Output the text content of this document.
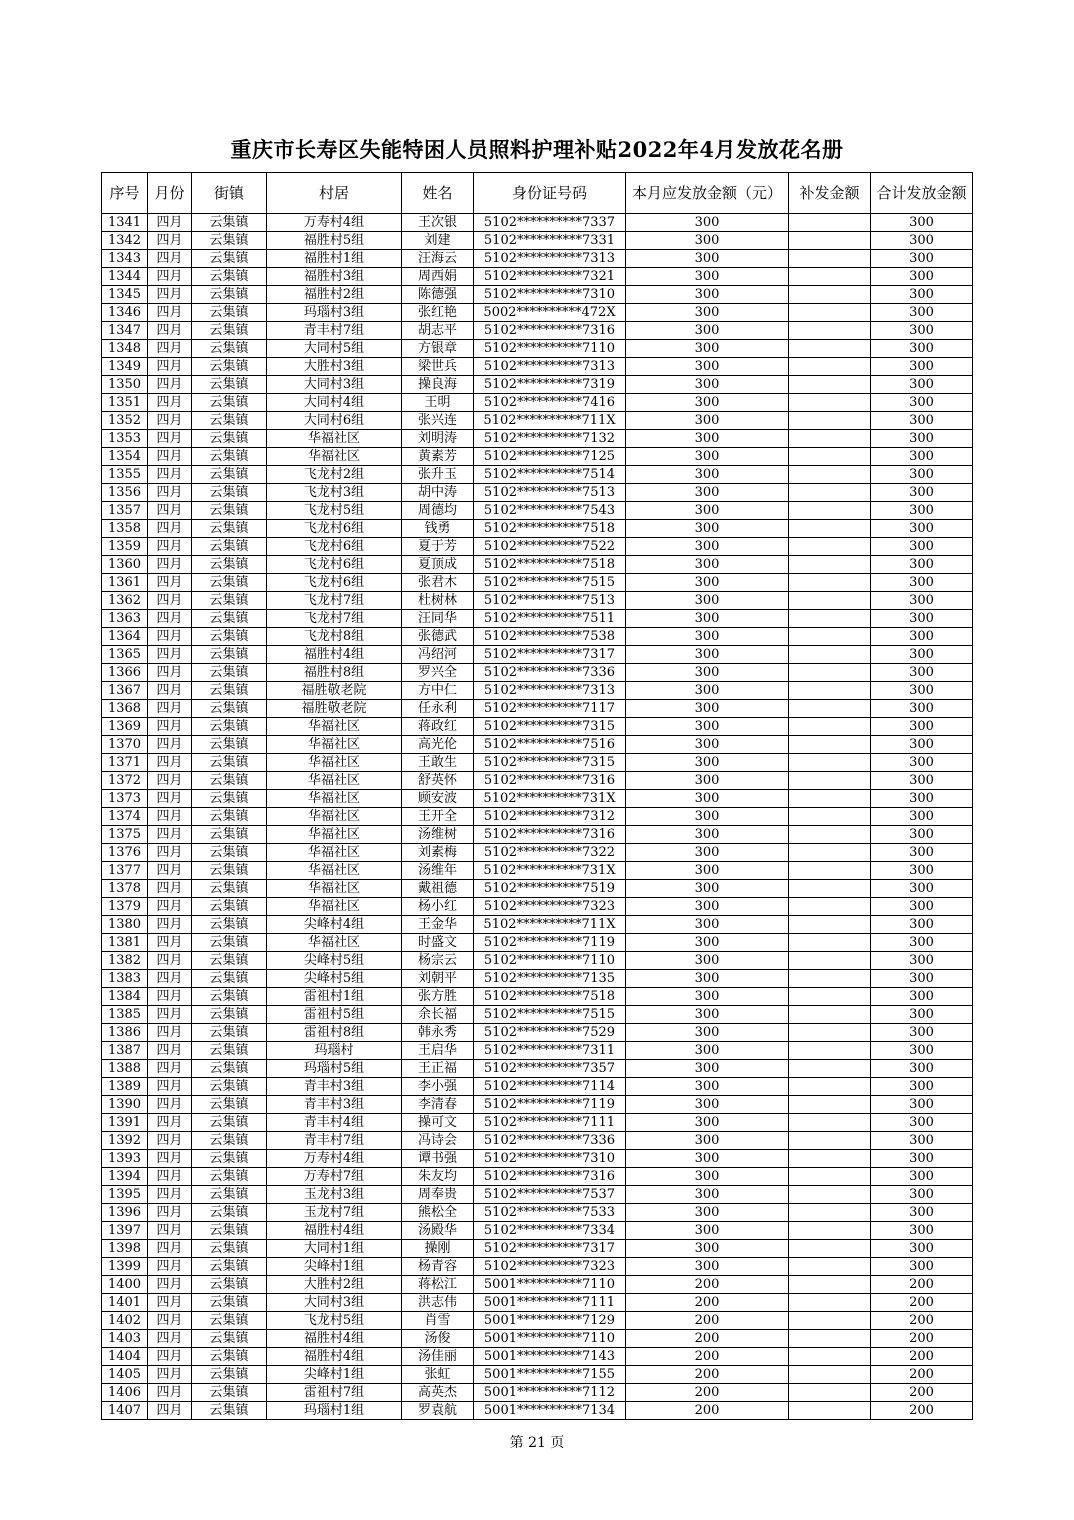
重庆市长寿区失能特困人员照料护理补贴2022年4月发放花名册
序号	月份	街镇	村居	姓名	身份证号码	本月应发放金额（元）	补发金额	合计发放金额
1341	四月	云集镇	万寿村4组	王次银	5102**********7337	300		300
1342	四月	云集镇	福胜村5组	刘建	5102**********7331	300		300
1343	四月	云集镇	福胜村1组	汪海云	5102**********7313	300		300
1344	四月	云集镇	福胜村3组	周西娟	5102**********7321	300		300
1345	四月	云集镇	福胜村2组	陈德强	5102**********7310	300		300
1346	四月	云集镇	玛瑙村3组	张红艳	5002**********472X	300		300
1347	四月	云集镇	青丰村7组	胡志平	5102**********7316	300		300
1348	四月	云集镇	大同村5组	方银章	5102**********7110	300		300
1349	四月	云集镇	大胜村3组	梁世兵	5102**********7313	300		300
1350	四月	云集镇	大同村3组	操良海	5102**********7319	300		300
1351	四月	云集镇	大同村4组	王明	5102**********7416	300		300
1352	四月	云集镇	大同村6组	张兴连	5102**********711X	300		300
1353	四月	云集镇	华福社区	刘明涛	5102**********7132	300		300
1354	四月	云集镇	华福社区	黄素芳	5102**********7125	300		300
1355	四月	云集镇	飞龙村2组	张升玉	5102**********7514	300		300
1356	四月	云集镇	飞龙村3组	胡中涛	5102**********7513	300		300
1357	四月	云集镇	飞龙村5组	周德均	5102**********7543	300		300
1358	四月	云集镇	飞龙村6组	钱勇	5102**********7518	300		300
1359	四月	云集镇	飞龙村6组	夏于芳	5102**********7522	300		300
1360	四月	云集镇	飞龙村6组	夏顶成	5102**********7518	300		300
1361	四月	云集镇	飞龙村6组	张君木	5102**********7515	300		300
1362	四月	云集镇	飞龙村7组	杜树林	5102**********7513	300		300
1363	四月	云集镇	飞龙村7组	汪同华	5102**********7511	300		300
1364	四月	云集镇	飞龙村8组	张德武	5102**********7538	300		300
1365	四月	云集镇	福胜村4组	冯绍河	5102**********7317	300		300
1366	四月	云集镇	福胜村8组	罗兴全	5102**********7336	300		300
1367	四月	云集镇	福胜敬老院	方中仁	5102**********7313	300		300
1368	四月	云集镇	福胜敬老院	任永利	5102**********7117	300		300
1369	四月	云集镇	华福社区	蒋政红	5102**********7315	300		300
1370	四月	云集镇	华福社区	高光伦	5102**********7516	300		300
1371	四月	云集镇	华福社区	王敢生	5102**********7315	300		300
1372	四月	云集镇	华福社区	舒英怀	5102**********7316	300		300
1373	四月	云集镇	华福社区	顾安波	5102**********731X	300		300
1374	四月	云集镇	华福社区	王开全	5102**********7312	300		300
1375	四月	云集镇	华福社区	汤维树	5102**********7316	300		300
1376	四月	云集镇	华福社区	刘素梅	5102**********7322	300		300
1377	四月	云集镇	华福社区	汤维年	5102**********731X	300		300
1378	四月	云集镇	华福社区	戴祖德	5102**********7519	300		300
1379	四月	云集镇	华福社区	杨小红	5102**********7323	300		300
1380	四月	云集镇	尖峰村4组	王金华	5102**********711X	300		300
1381	四月	云集镇	华福社区	时盛文	5102**********7119	300		300
1382	四月	云集镇	尖峰村5组	杨宗云	5102**********7110	300		300
1383	四月	云集镇	尖峰村5组	刘朝平	5102**********7135	300		300
1384	四月	云集镇	雷祖村1组	张方胜	5102**********7518	300		300
1385	四月	云集镇	雷祖村5组	余长福	5102**********7515	300		300
1386	四月	云集镇	雷祖村8组	韩永秀	5102**********7529	300		300
1387	四月	云集镇	玛瑙村	王启华	5102**********7311	300		300
1388	四月	云集镇	玛瑙村5组	王正福	5102**********7357	300		300
1389	四月	云集镇	青丰村3组	李小强	5102**********7114	300		300
1390	四月	云集镇	青丰村3组	李清春	5102**********7119	300		300
1391	四月	云集镇	青丰村4组	操可文	5102**********7111	300		300
1392	四月	云集镇	青丰村7组	冯诗会	5102**********7336	300		300
1393	四月	云集镇	万寿村4组	谭书强	5102**********7310	300		300
1394	四月	云集镇	万寿村7组	朱友均	5102**********7316	300		300
1395	四月	云集镇	玉龙村3组	周奉贵	5102**********7537	300		300
1396	四月	云集镇	玉龙村7组	熊松全	5102**********7533	300		300
1397	四月	云集镇	福胜村4组	汤殿华	5102**********7334	300		300
1398	四月	云集镇	大同村1组	操刚	5102**********7317	300		300
1399	四月	云集镇	尖峰村1组	杨青容	5102**********7323	300		300
1400	四月	云集镇	大胜村2组	蒋松江	5001**********7110	200		200
1401	四月	云集镇	大同村3组	洪志伟	5001**********7111	200		200
1402	四月	云集镇	飞龙村5组	肖雪	5001**********7129	200		200
1403	四月	云集镇	福胜村4组	汤俊	5001**********7110	200		200
1404	四月	云集镇	福胜村4组	汤佳丽	5001**********7143	200		200
1405	四月	云集镇	尖峰村1组	张虹	5001**********7155	200		200
1406	四月	云集镇	雷祖村7组	高英杰	5001**********7112	200		200
1407	四月	云集镇	玛瑙村1组	罗袁航	5001**********7134	200		200
第 21 页
